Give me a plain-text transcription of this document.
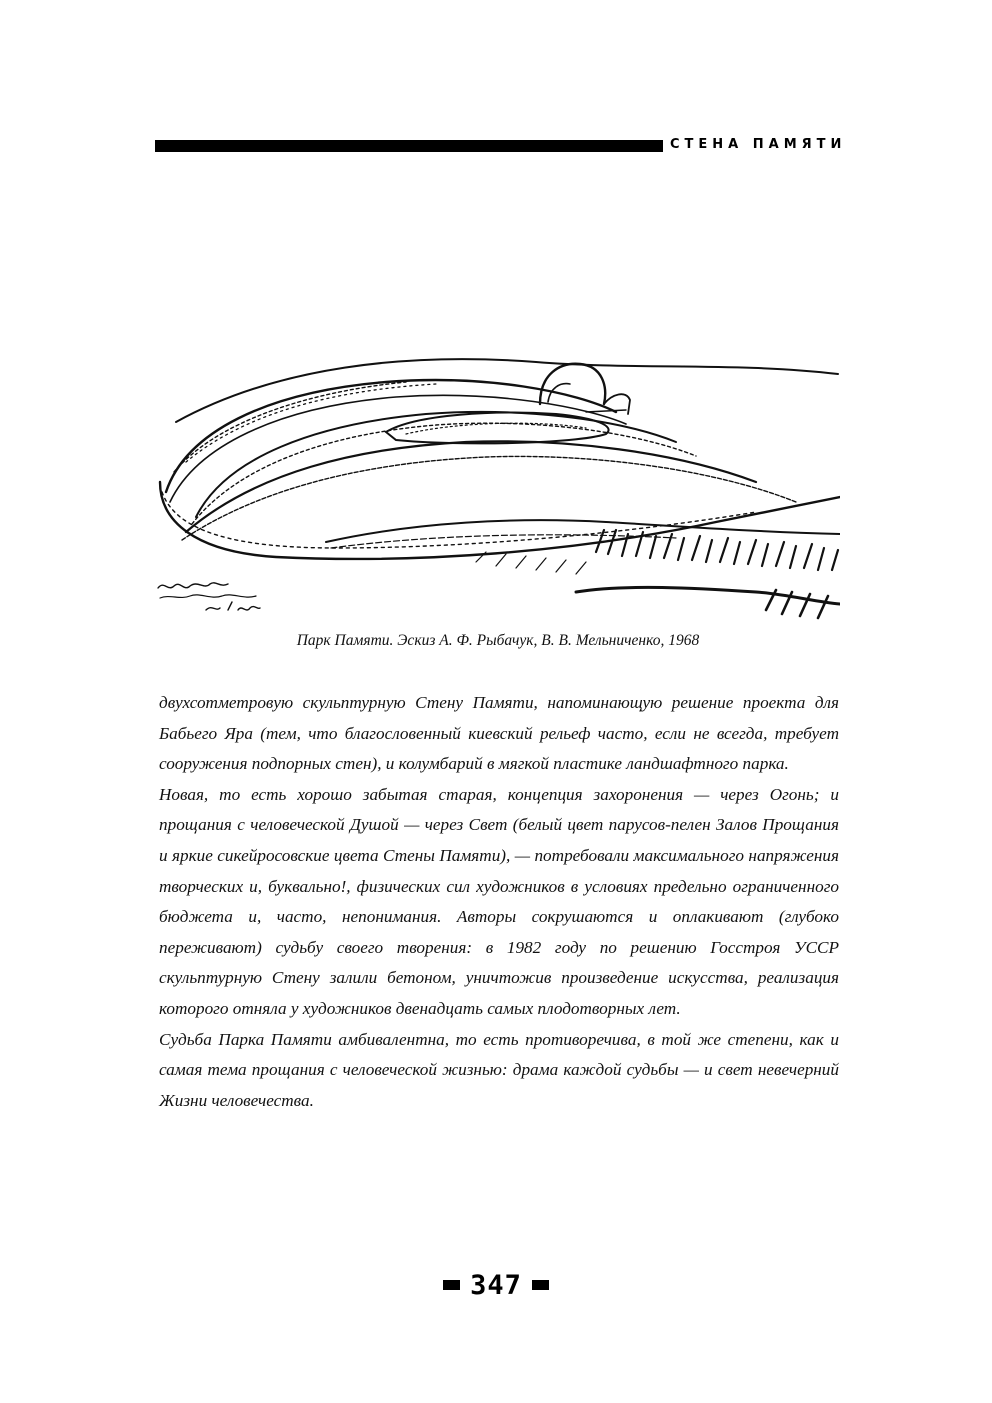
СТЕНА ПАМЯТИ
Парк Памяти. Эскиз А. Ф. Рыбачук, В. В. Мельниченко, 1968

двухсотметровую скульптурную Стену Памяти, напоминающую решение проекта для Бабьего Яра (тем, что благословенный киевский рельеф часто, если не всегда, требует сооружения подпорных стен), и колумбарий в мягкой пластике ландшафтного парка.

Новая, то есть хорошо забытая старая, концепция захоронения — через Огонь; и прощания с человеческой Душой — через Свет (белый цвет парусов-пелен Залов Прощания и яркие сикейросовские цвета Стены Памяти), — потребовали максимального напряжения творческих и, буквально!, физических сил художников в условиях предельно ограниченного бюджета и, часто, непонимания. Авторы сокрушаются и оплакивают (глубоко переживают) судьбу своего творения: в 1982 году по решению Госстроя УССР скульптурную Стену залили бетоном, уничтожив произведение искусства, реализация которого отняла у художников двенадцать самых плодотворных лет.

Судьба Парка Памяти амбивалентна, то есть противоречива, в той же степени, как и самая тема прощания с человеческой жизнью: драма каждой судьбы — и свет невечерний Жизни человечества.

347
